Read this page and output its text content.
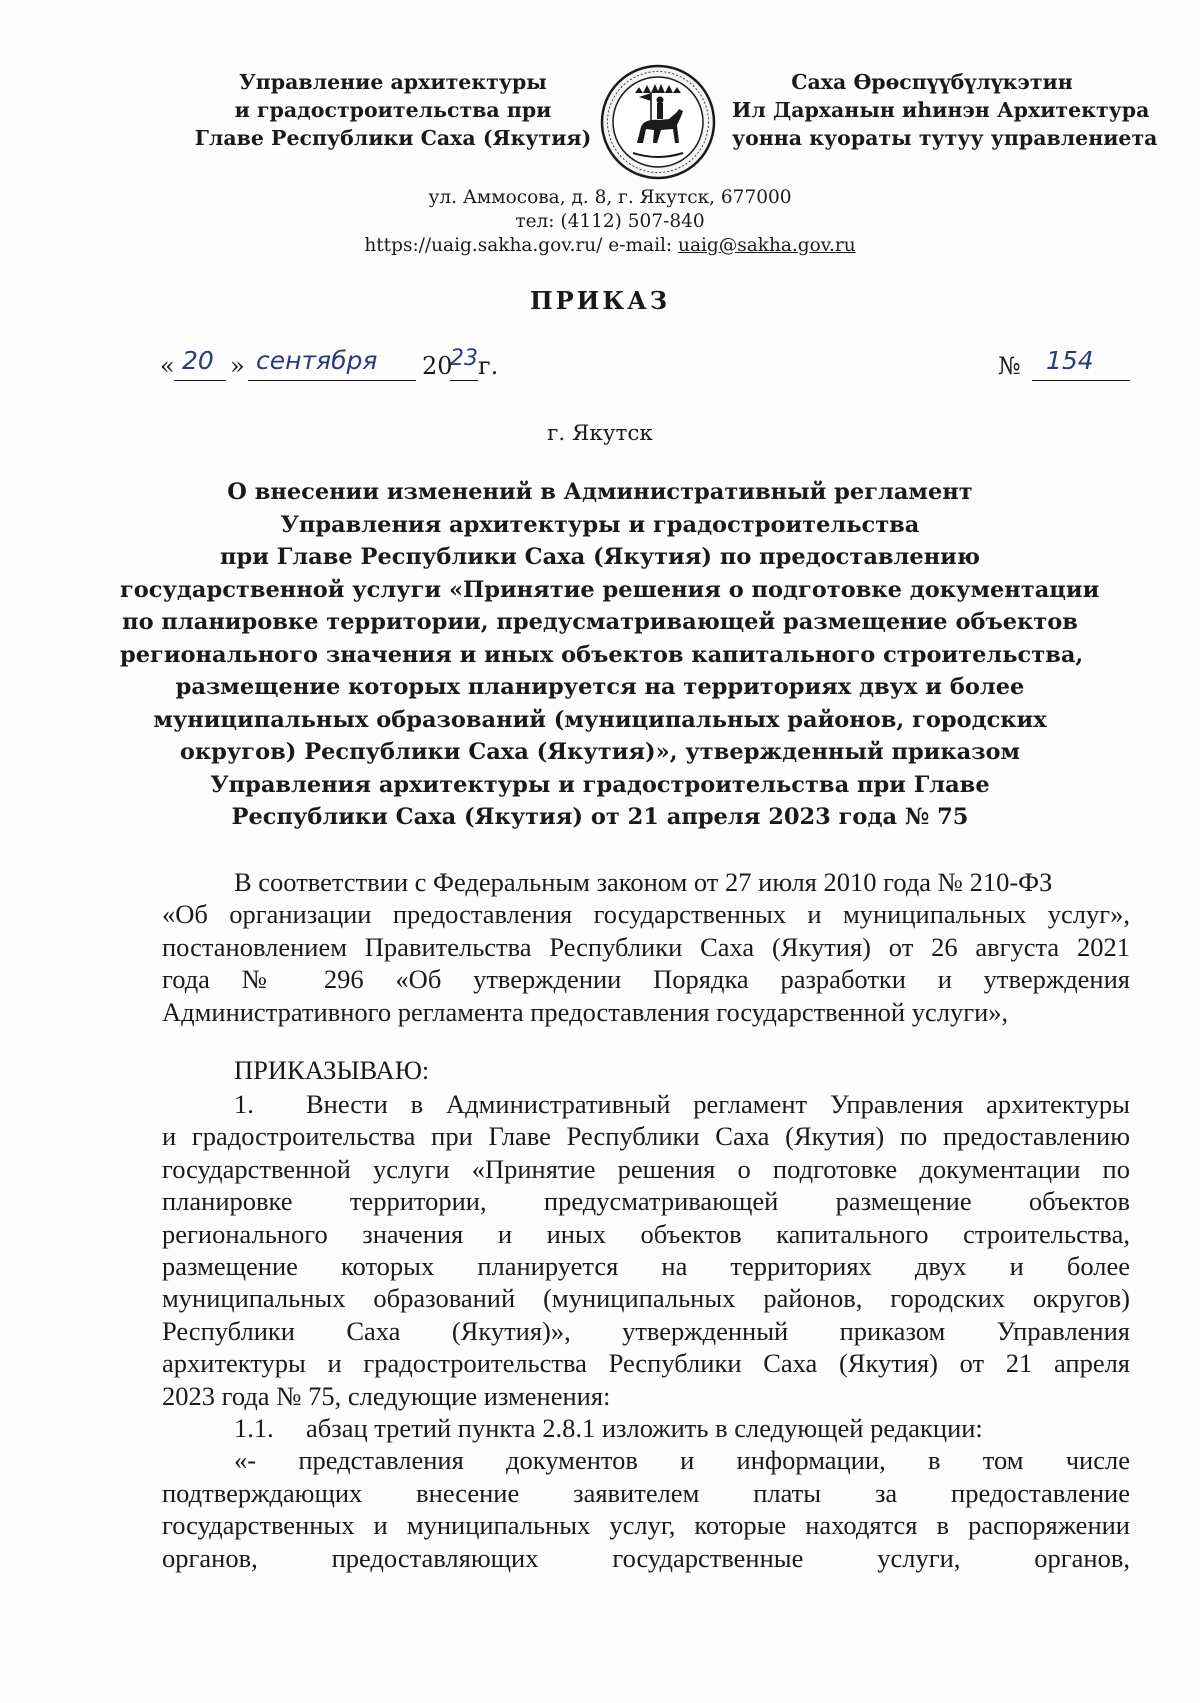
Управление архитектуры
и градостроительства при
Главе Республики Саха (Якутия)
Саха Өрөспүүбүлүкэтин
Ил Дарханын иһинэн Архитектура
уонна куораты тутуу управлениета
ул. Аммосова, д. 8, г. Якутск, 677000
тел: (4112) 507-840
https://uaig.sakha.gov.ru/ e-mail: uaig@sakha.gov.ru
ПРИКАЗ
« 20 » сентября 20
23 г.	№ 154
г. Якутск
О внесении изменений в Административный регламент
Управления архитектуры и градостроительства
при Главе Республики Саха (Якутия) по предоставлению
государственной услуги «Принятие решения о подготовке документации
по планировке территории, предусматривающей размещение объектов
регионального значения и иных объектов капитального строительства,
размещение которых планируется на территориях двух и более
муниципальных образований (муниципальных районов, городских
округов) Республики Саха (Якутия)», утвержденный приказом
Управления архитектуры и градостроительства при Главе
Республики Саха (Якутия) от 21 апреля 2023 года № 75
В соответствии с Федеральным законом от 27 июля 2010 года № 210-ФЗ
«Об организации предоставления государственных и муниципальных услуг»,
постановлением Правительства Республики Саха (Якутия) от 26 августа 2021
года № 296 «Об утверждении Порядка разработки и утверждения
Административного регламента предоставления государственной услуги»,
ПРИКАЗЫВАЮ:
1.	Внести в Административный регламент Управления архитектуры
и градостроительства при Главе Республики Саха (Якутия) по предоставлению
государственной услуги «Принятие решения о подготовке документации по
планировке территории, предусматривающей размещение объектов
регионального значения и иных объектов капитального строительства,
размещение которых планируется на территориях двух и более
муниципальных образований (муниципальных районов, городских округов)
Республики Саха (Якутия)», утвержденный приказом Управления
архитектуры и градостроительства Республики Саха (Якутия) от 21 апреля
2023 года № 75, следующие изменения:
1.1. абзац третий пункта 2.8.1 изложить в следующей редакции:
«- представления документов и информации, в том числе
подтверждающих внесение заявителем платы за предоставление
государственных и муниципальных услуг, которые находятся в распоряжении
органов, предоставляющих государственные услуги, органов,
